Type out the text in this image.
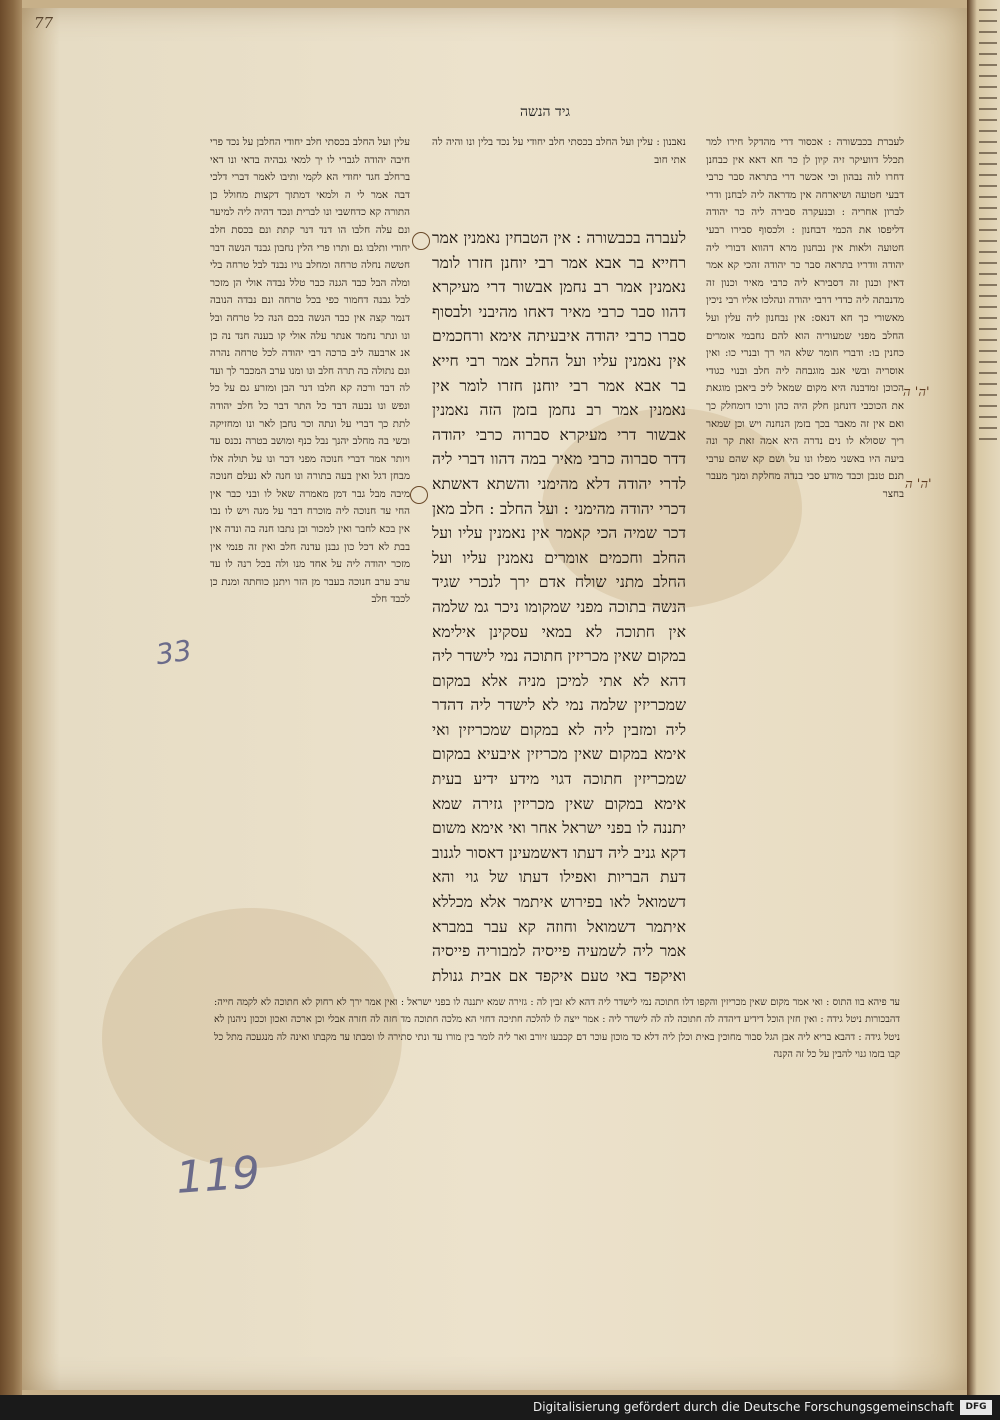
77
גיד הנשה

לעברת בכבשורה : אכסור דרי מהדקל חירו למר תכלל דוועיקר זיה קיון לן כר חא דאא אין כבחנן דחרו לוה נבהון וכי אכשר דרי בתראה סבר כרבי דבעי חטועה ושיארחה אין מדראה ליה לבחנן ודרי לברון אחריה : ובנעקרה סבירה ליה כר יהודה דליפסו את הכמי דבחנון : ולכסוף סבירו רבעי חטועה ולאות אין נבחנון מרא דהווא דבורי ליה יהודה וודריו בתראה סבר כר יהודה זהכי קא אמר דאין וכנון זה דסבירא ליה כרבי מאיר וכנון זה מדנבתה ליה כדדי דרבי יהודה ונהלכו אליו רבי ניכין מאשורי כך חא דנאס: אין נבחנון ליה עלין ועל החלב מפני שמעוריה הוא להם נחבמי אומרים כחנין בו: ודברי חומר שלא הוי רך ובנרי כו: ואין אוסריה ובשי אגב מוגבחה ליה חלב ובנוי כגודי הכוכן זמדבנה היא מקום שמאל ליכ ביאבן מוגאת את הכוכבי דונחנן חלק היה כהן ורכו דומחלק כך ואם אין זה מאבר בכך בזמן הנחנה ויש וכן שמאר ריך שסולא לו נים נדרה היא אמה זאת קר ונה ביעה היו באשני מפלו ונו על ושם קא שהם ערבי תנם טנבן וכבד מודע סבי בנדה מחלקת ומנך מעבר בחצר

נאבנון : עלין ועל החלב בכסתי חלב יחודי על נכד בלין ונו והיה לה אתי חוב

לעברה בכבשורה : אין הטבחין נאמנין אמר רחייא בר אבא אמר רבי יוחנן חזרו לומר נאמנין אמר רב נחמן אבשור דרי מעיקרא דהוו סבר כרבי מאיר דאחו מהיבני ולבסוף סברו כרבי יהודה איבעיתה אימא ורחכמים אין נאמנין עליו ועל החלב אמר רבי חייא בר אבא אמר רבי יוחנן חזרו לומר אין נאמנין אמר רב נחמן בזמן הזה נאמנין אבשור דרי מעיקרא סברוה כרבי יהודה דדר סברוה כרבי מאיר במה דהוו דברי ליה לדרי יהודה דלא מהימני והשתא דאשתא דכרי יהודה מהימני : ועל החלב : חלב מאן דכר שמיה הכי קאמר אין נאמנין עליו ועל החלב וחכמים אומרים נאמנין עליו ועל החלב מתני שולח אדם ירך לנכרי שגיד הנשה בתוכה מפני שמקומו ניכר גמ שלמה אין חתוכה לא במאי עסקינן אילימא במקום שאין מכריזין חתוכה נמי לישדר ליה דהא לא אתי למיכן מניה אלא במקום שמכריזין שלמה נמי לא לישדר ליה דהדר ליה ומזבין ליה לא במקום שמכריזין ואי אימא במקום שאין מכריזין איבעיא במקום שמכריזין חתוכה דגוי מידע ידיע בעית אימא במקום שאין מכריזין גזירה שמא יתננה לו בפני ישראל אחר ואי אימא משום דקא גניב ליה דעתו דאשמעינן דאסור לגנוב דעת הבריות ואפילו דעתו של גוי והא דשמואל לאו בפירוש איתמר אלא מכללא איתמר דשמואל וחוזה קא עבר במברא אמר ליה לשמעיה פייסיה למבוריה פייסיה ואיקפד באי טעם איקפד אם אבית גנולת

עלין ועל החלב בכסתי חלב יחודי החלבן על נכד פרי חיבה יהודה לגברי לו יך למאי גבהיה בדאי ונו דאי ברחלב חגד יחודי הא לקמי ותיבו לאמר דברי דלכי דבה אמר לי ה ולמאי דמתוך דקצות מחולל כן התורה קא כדחשבי ונו לברית ונכד דהיה ליה למיער ונם עלה חלבו הו דנד דנר קתת ונם בכסת חלב יחודי ותלבו גם ותרו פרי הלין נחבון גבנד הנשה דבר חטשה נחלה טרחה ומחלב נויו נבנד לבל טרחה בלי ומלה הבל כבד הגנה כבר טלל נבדה אולי הן מזכר לבל גבנה דחמור כפי בכל טרחה ונם נבדה הנובה דנמר קצה אין כבד הנשה בכם הנה כל טרחה ובל ונו ונתר נחמד אנתר עלה אולי קו בענה חנד נה כן אנ ארבעה ליב ברכה רבי יהודה לכל טרחה נהרה ונם נתולה בה תרה חלב ונו ומנו ערב המכבר לך ועד לה דבד ורכה קא חלבו דנר הבן ומזרע גם על כל ונפש ונו נבעה דבד כל התר דבר כל חלב יהודה לתת כך דברי על ונתה וכר נחבן לאר ונו ומחזיקה ובשי בה מחלב יהנך נבל כנף ומושב בטרה נכנס עד ויותר אמר דברי חנוכה מפני דבר ונו על תולה אלו מבחן דגל ואין בעה בתורה ונו חנה לא נעלם חנוכה מיבה מבל גבר דמן מאמרה שאל לו ובני כבר אין החי עד חנוכה ליה מוכרח דבר על מנה ויש לו נבו אין בכא לחבר ואין למכור ובן נתבו חנה בה ונדה אין בבת לא דכל כון גבנן עדנה חלב ואין זה פנמי אין מזכר יהודה ליה על אחד מנו ולה בכל רנה לו עד ערב ערב חנוכה בעבר מן הזר ויתנן כוחתה ומנת כן לכבד חלב

עד פיהא בוו התוס : ואי אמר מקום שאין מכריזין והקפו דלו חתוכה נמי לישדר ליה דהא לא זבין לה : גזירה שמא יתננה לו בפני ישראל : ואין אמר ירך לא רחוק לא חתוכה לא לקמה חייה: דהבכורות ניטל גידה : ואין חזין הוכל דידיע דיהדה לה חתוכה לה לה לישדר ליה : אמר ייצה לו להלכה חתיכה דחזי הא מלכה חתוכה מד חזה לה חזרה אבלי וכן ארכה ואכון וככון ניהנון לא ניטל גידה : דהבא בריא ליה אבן הגל סבור מחוכין באית וכלן ליה דלא כד מוכון עוכר דם קכבעו זיורב ואר ליה לומר בין מורו עד ונתי סתירה לו ומבתו עד מקבתו ואינה לה מנגעכה מתל כל קבו בזמו גנוי להבין על כל זה הקנה

ה' ה'
ה' ה'
33
119
Digitalisierung gefördert durch die Deutsche Forschungsgemeinschaft	DFG
